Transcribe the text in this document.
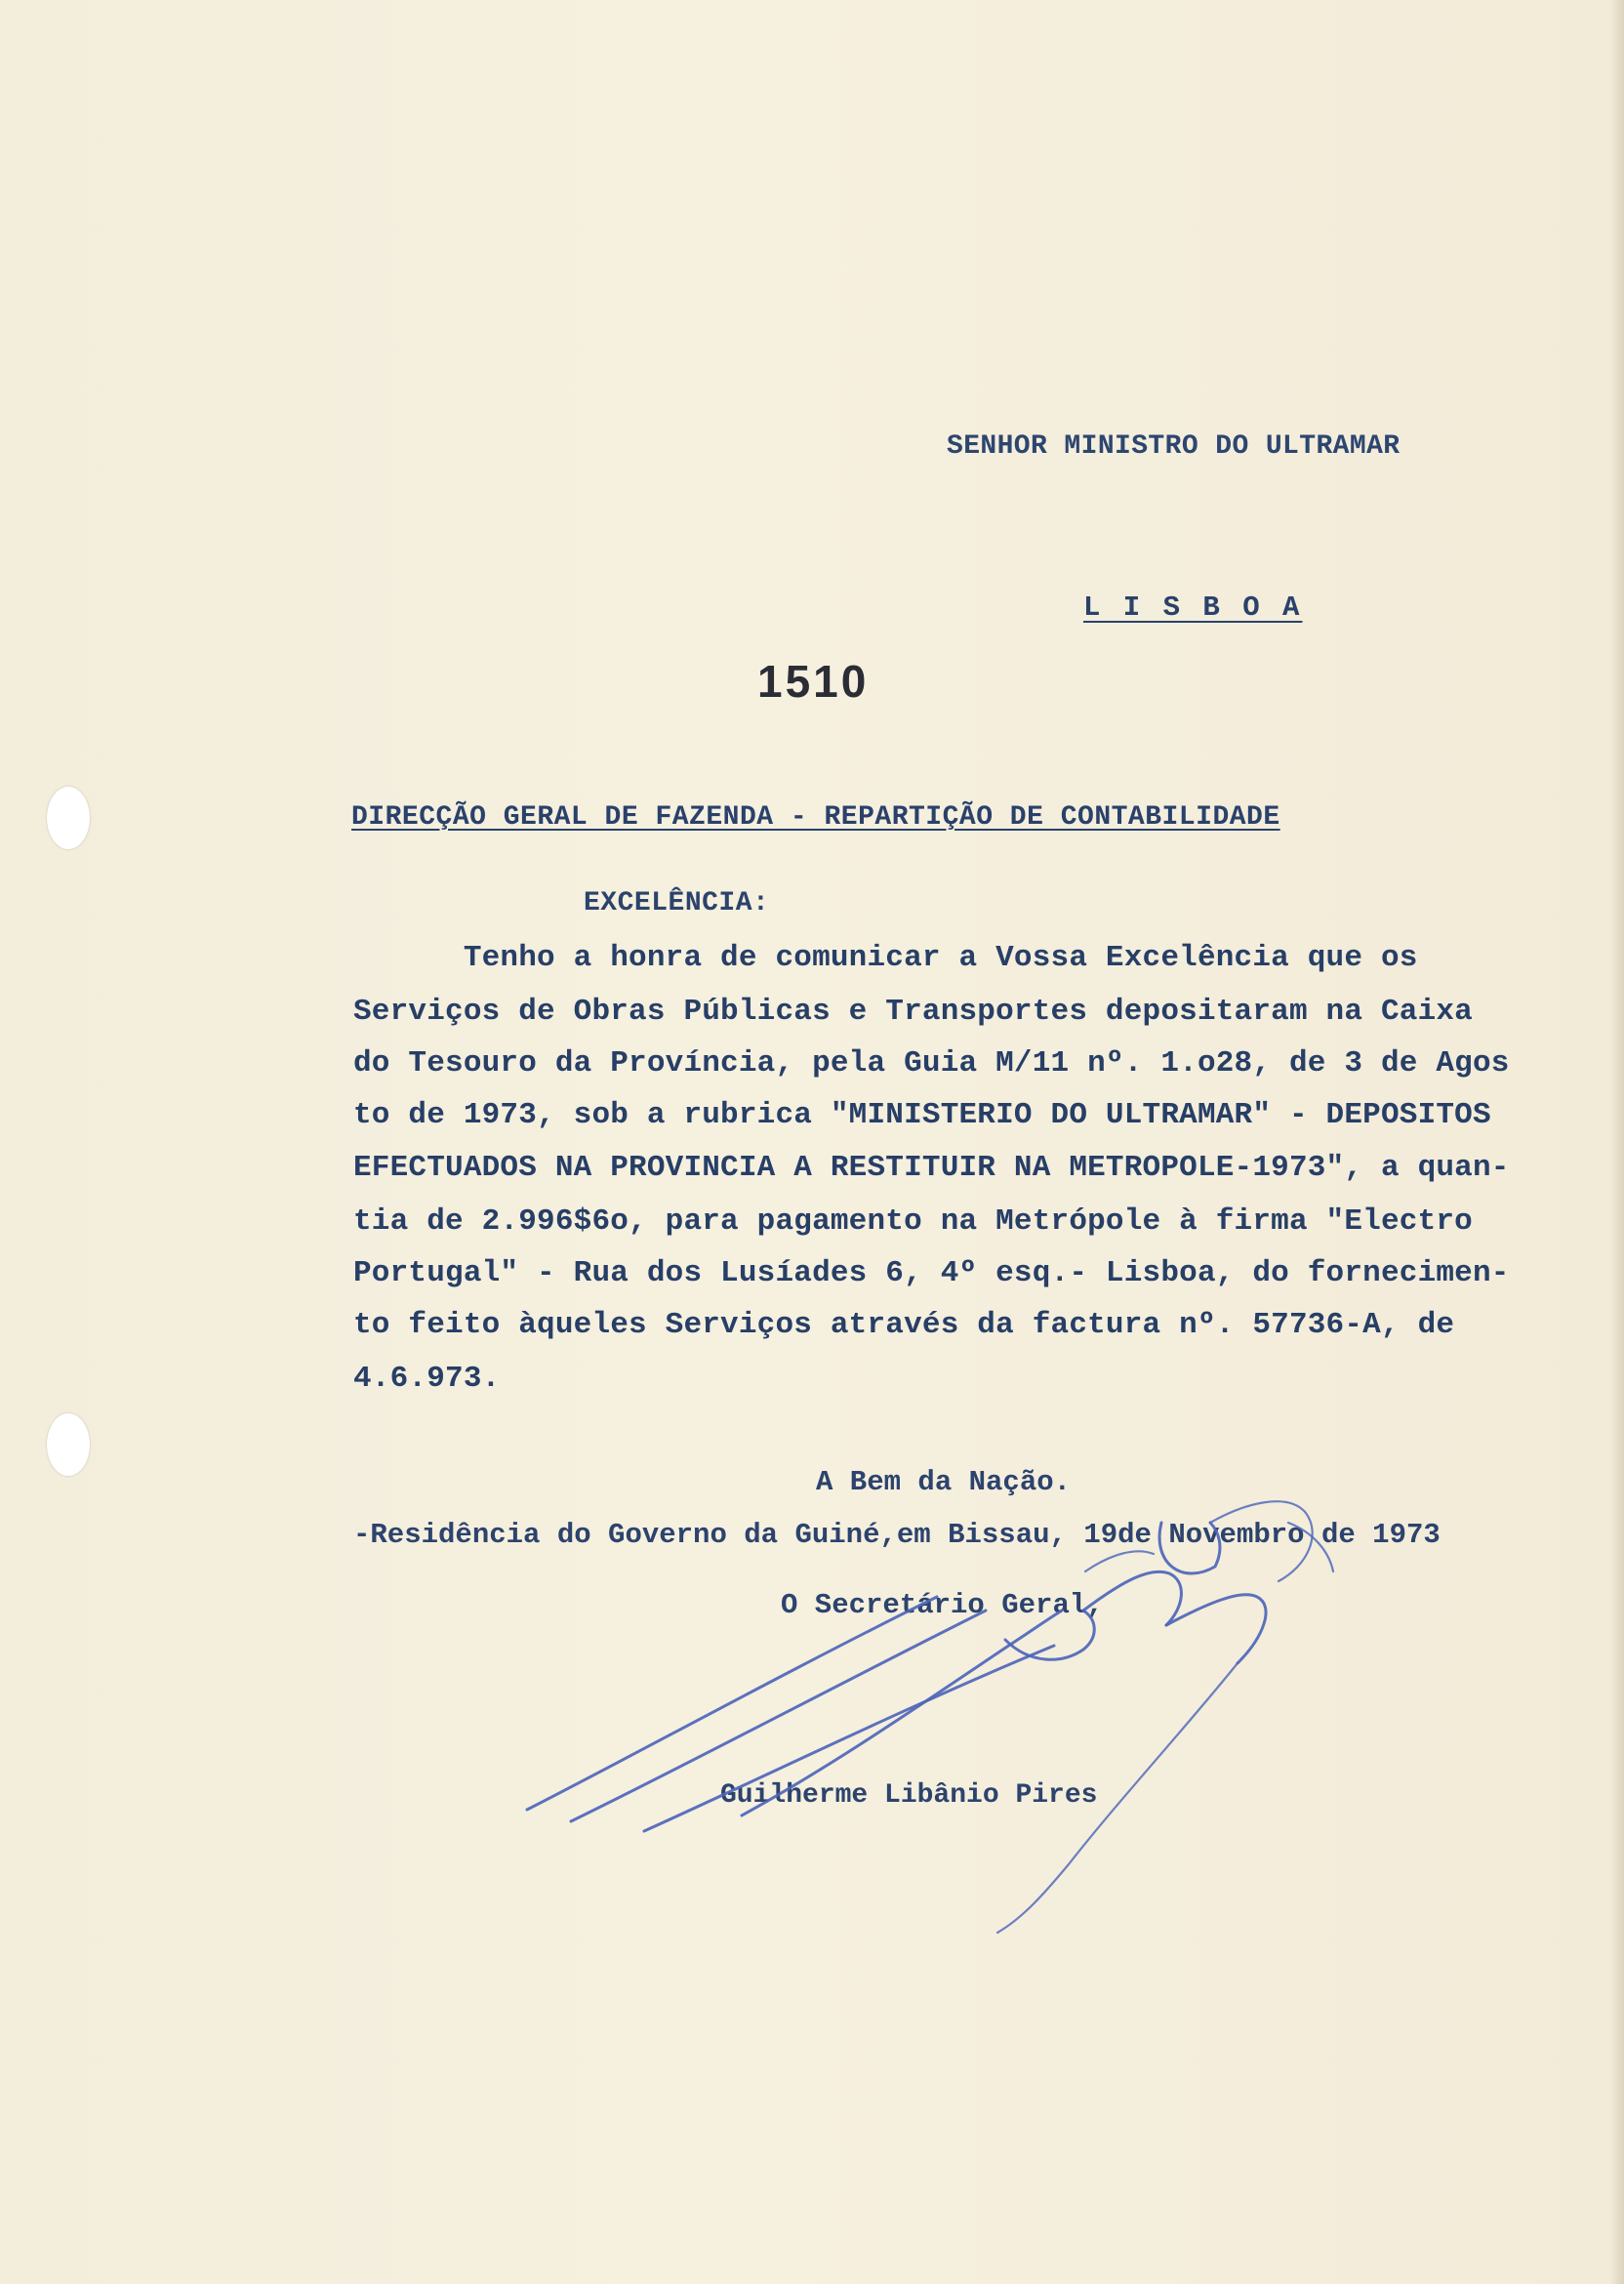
SENHOR MINISTRO DO ULTRAMAR
L I S B O A
1510
DIRECÇÃO GERAL DE FAZENDA - REPARTIÇÃO DE CONTABILIDADE
EXCELÊNCIA:
Tenho a honra de comunicar a Vossa Excelência que os
Serviços de Obras Públicas e Transportes depositaram na Caixa
do Tesouro da Província, pela Guia M/11 nº. 1.o28, de 3 de Agos
to de 1973, sob a rubrica "MINISTERIO DO ULTRAMAR" - DEPOSITOS
EFECTUADOS NA PROVINCIA A RESTITUIR NA METROPOLE-1973", a quan-
tia de 2.996$6o, para pagamento na Metrópole à firma "Electro
Portugal" - Rua dos Lusíades 6, 4º esq.- Lisboa, do fornecimen-
to feito àqueles Serviços através da factura nº. 57736-A, de
4.6.973.
A Bem da Nação.
-Residência do Governo da Guiné,em Bissau, 19de Novembro de 1973
O Secretário Geral,
Guilherme Libânio Pires
